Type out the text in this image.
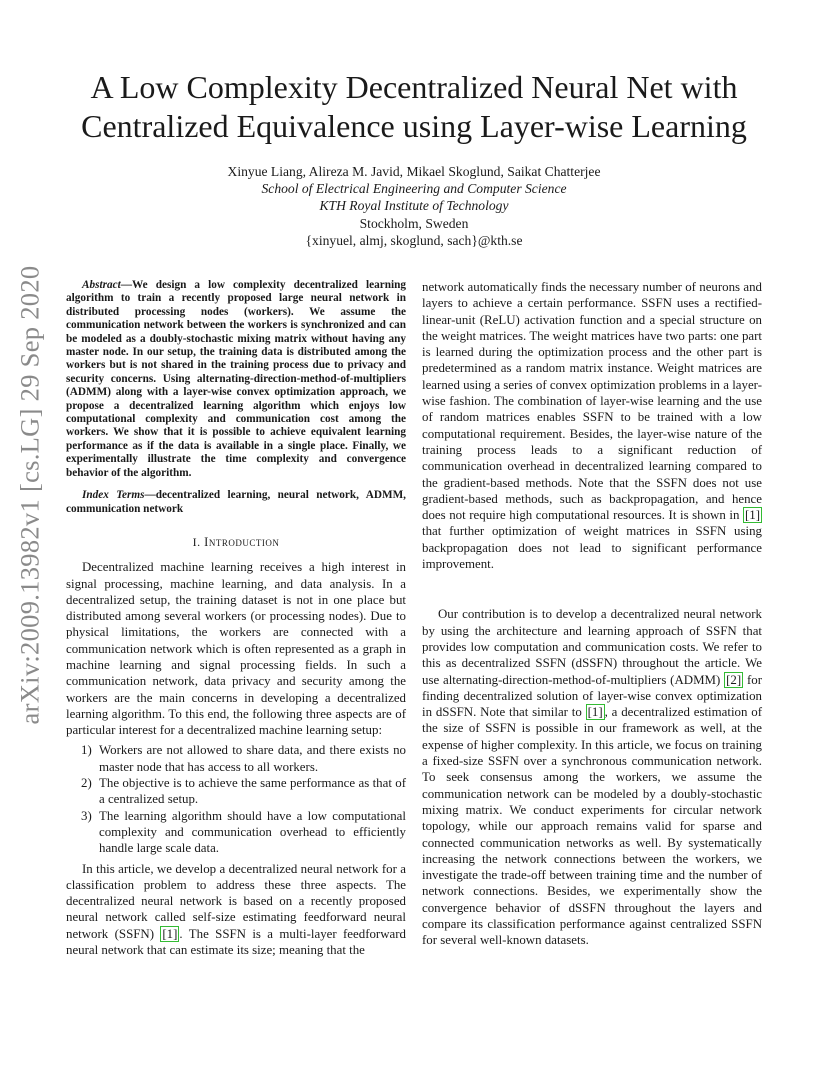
arXiv:2009.13982v1 [cs.LG] 29 Sep 2020
A Low Complexity Decentralized Neural Net with
Centralized Equivalence using Layer-wise Learning
Xinyue Liang, Alireza M. Javid, Mikael Skoglund, Saikat Chatterjee
School of Electrical Engineering and Computer Science
KTH Royal Institute of Technology
Stockholm, Sweden
{xinyuel, almj, skoglund, sach}@kth.se

Abstract—We design a low complexity decentralized learning algorithm to train a recently proposed large neural network in distributed processing nodes (workers). We assume the communication network between the workers is synchronized and can be modeled as a doubly-stochastic mixing matrix without having any master node. In our setup, the training data is distributed among the workers but is not shared in the training process due to privacy and security concerns. Using alternating-direction-method-of-multipliers (ADMM) along with a layer-wise convex optimization approach, we propose a decentralized learning algorithm which enjoys low computational complexity and communication cost among the workers. We show that it is possible to achieve equivalent learning performance as if the data is available in a single place. Finally, we experimentally illustrate the time complexity and convergence behavior of the algorithm.

Index Terms—decentralized learning, neural network, ADMM, communication network

I. Introduction

Decentralized machine learning receives a high interest in signal processing, machine learning, and data analysis. In a decentralized setup, the training dataset is not in one place but distributed among several workers (or processing nodes). Due to physical limitations, the workers are connected with a communication network which is often represented as a graph in machine learning and signal processing fields. In such a communication network, data privacy and security among the workers are the main concerns in developing a decentralized learning algorithm. To this end, the following three aspects are of particular interest for a decentralized machine learning setup:

1) Workers are not allowed to share data, and there exists no master node that has access to all workers.
2) The objective is to achieve the same performance as that of a centralized setup.
3) The learning algorithm should have a low computational complexity and communication overhead to efficiently handle large scale data.

In this article, we develop a decentralized neural network for a classification problem to address these three aspects. The decentralized neural network is based on a recently proposed neural network called self-size estimating feedforward neural network (SSFN) [1] . The SSFN is a multi-layer feedforward neural network that can estimate its size; meaning that the

network automatically finds the necessary number of neurons and layers to achieve a certain performance. SSFN uses a rectified-linear-unit (ReLU) activation function and a special structure on the weight matrices. The weight matrices have two parts: one part is learned during the optimization process and the other part is predetermined as a random matrix instance. Weight matrices are learned using a series of convex optimization problems in a layer-wise fashion. The combination of layer-wise learning and the use of random matrices enables SSFN to be trained with a low computational requirement. Besides, the layer-wise nature of the training process leads to a significant reduction of communication overhead in decentralized learning compared to the gradient-based methods. Note that the SSFN does not use gradient-based methods, such as backpropagation, and hence does not require high computational resources. It is shown in [1] that further optimization of weight matrices in SSFN using backpropagation does not lead to significant performance improvement.

Our contribution is to develop a decentralized neural network by using the architecture and learning approach of SSFN that provides low computation and communication costs. We refer to this as decentralized SSFN (dSSFN) throughout the article. We use alternating-direction-method-of-multipliers (ADMM) [2] for finding decentralized solution of layer-wise convex optimization in dSSFN. Note that similar to [1] , a decentralized estimation of the size of SSFN is possible in our framework as well, at the expense of higher complexity. In this article, we focus on training a fixed-size SSFN over a synchronous communication network. To seek consensus among the workers, we assume the communication network can be modeled by a doubly-stochastic mixing matrix. We conduct experiments for circular network topology, while our approach remains valid for sparse and connected communication networks as well. By systematically increasing the network connections between the workers, we investigate the trade-off between training time and the number of network connections. Besides, we experimentally show the convergence behavior of dSSFN throughout the layers and compare its classification performance against centralized SSFN for several well-known datasets.
